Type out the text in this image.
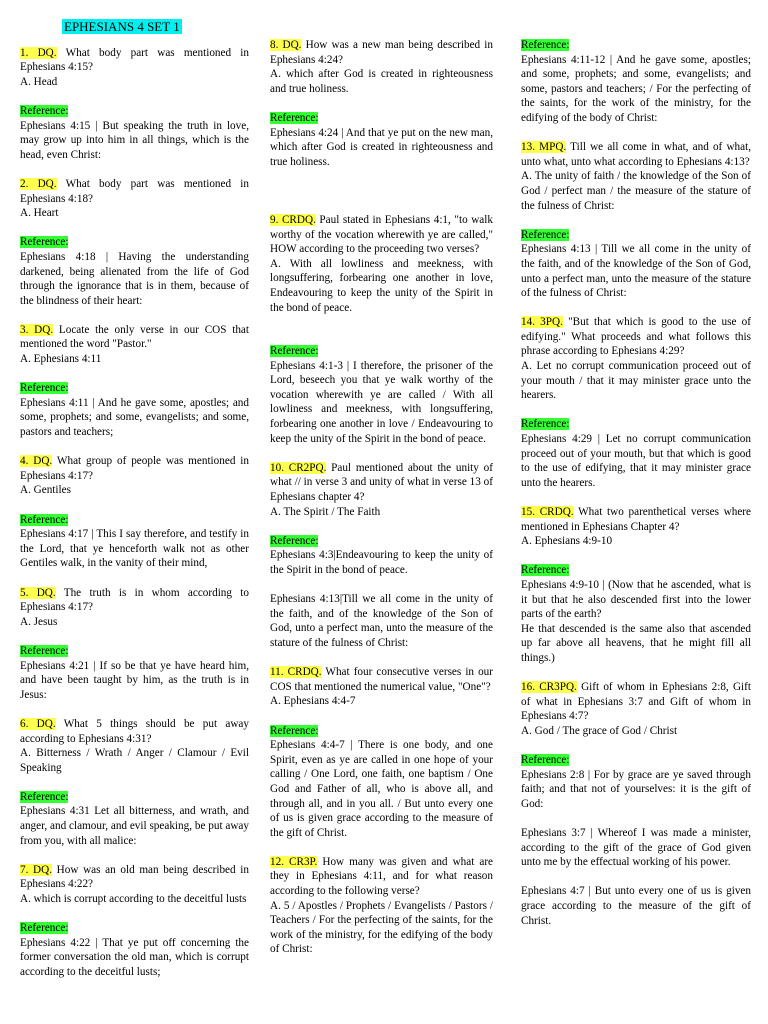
EPHESIANS 4 SET 1

1. DQ. What body part was mentioned in Ephesians 4:15?

A. Head

Reference:

Ephesians 4:15 | But speaking the truth in love, may grow up into him in all things, which is the head, even Christ:

2. DQ. What body part was mentioned in Ephesians 4:18?

A. Heart

Reference:

Ephesians 4:18 | Having the understanding darkened, being alienated from the life of God through the ignorance that is in them, because of the blindness of their heart:

3. DQ. Locate the only verse in our COS that mentioned the word "Pastor."

A. Ephesians 4:11

Reference:

Ephesians 4:11 | And he gave some, apostles; and some, prophets; and some, evangelists; and some, pastors and teachers;

4. DQ. What group of people was mentioned in Ephesians 4:17?

A. Gentiles

Reference:

Ephesians 4:17 | This I say therefore, and testify in the Lord, that ye henceforth walk not as other Gentiles walk, in the vanity of their mind,

5. DQ. The truth is in whom according to Ephesians 4:17?

A. Jesus

Reference:

Ephesians 4:21 | If so be that ye have heard him, and have been taught by him, as the truth is in Jesus:

6. DQ. What 5 things should be put away according to Ephesians 4:31?

A. Bitterness / Wrath / Anger / Clamour / Evil Speaking

Reference:

Ephesians 4:31 Let all bitterness, and wrath, and anger, and clamour, and evil speaking, be put away from you, with all malice:

7. DQ. How was an old man being described in Ephesians 4:22?

A. which is corrupt according to the deceitful lusts

Reference:

Ephesians 4:22 | That ye put off concerning the former conversation the old man, which is corrupt according to the deceitful lusts;

8. DQ. How was a new man being described in Ephesians 4:24?

A. which after God is created in righteousness and true holiness.

Reference:

Ephesians 4:24 | And that ye put on the new man, which after God is created in righteousness and true holiness.

9. CRDQ. Paul stated in Ephesians 4:1, "to walk worthy of the vocation wherewith ye are called," HOW according to the proceeding two verses?

A. With all lowliness and meekness, with longsuffering, forbearing one another in love, Endeavouring to keep the unity of the Spirit in the bond of peace.

Reference:

Ephesians 4:1-3 | I therefore, the prisoner of the Lord, beseech you that ye walk worthy of the vocation wherewith ye are called / With all lowliness and meekness, with longsuffering, forbearing one another in love / Endeavouring to keep the unity of the Spirit in the bond of peace.

10. CR2PQ. Paul mentioned about the unity of what // in verse 3 and unity of what in verse 13 of Ephesians chapter 4?

A. The Spirit / The Faith

Reference:

Ephesians 4:3|Endeavouring to keep the unity of the Spirit in the bond of peace.

Ephesians 4:13|Till we all come in the unity of the faith, and of the knowledge of the Son of God, unto a perfect man, unto the measure of the stature of the fulness of Christ:

11. CRDQ. What four consecutive verses in our COS that mentioned the numerical value, "One"?

A. Ephesians 4:4-7

Reference:

Ephesians 4:4-7 | There is one body, and one Spirit, even as ye are called in one hope of your calling / One Lord, one faith, one baptism / One God and Father of all, who is above all, and through all, and in you all. / But unto every one of us is given grace according to the measure of the gift of Christ.

12. CR3P. How many was given and what are they in Ephesians 4:11, and for what reason according to the following verse?

A. 5 / Apostles / Prophets / Evangelists / Pastors / Teachers / For the perfecting of the saints, for the work of the ministry, for the edifying of the body of Christ:

Reference:

Ephesians 4:11-12 | And he gave some, apostles; and some, prophets; and some, evangelists; and some, pastors and teachers; / For the perfecting of the saints, for the work of the ministry, for the edifying of the body of Christ:

13. MPQ. Till we all come in what, and of what, unto what, unto what according to Ephesians 4:13?

A. The unity of faith / the knowledge of the Son of God / perfect man / the measure of the stature of the fulness of Christ:

Reference:

Ephesians 4:13 | Till we all come in the unity of the faith, and of the knowledge of the Son of God, unto a perfect man, unto the measure of the stature of the fulness of Christ:

14. 3PQ. "But that which is good to the use of edifying." What proceeds and what follows this phrase according to Ephesians 4:29?

A. Let no corrupt communication proceed out of your mouth / that it may minister grace unto the hearers.

Reference:

Ephesians 4:29 | Let no corrupt communication proceed out of your mouth, but that which is good to the use of edifying, that it may minister grace unto the hearers.

15. CRDQ. What two parenthetical verses where mentioned in Ephesians Chapter 4?

A. Ephesians 4:9-10

Reference:

Ephesians 4:9-10 | (Now that he ascended, what is it but that he also descended first into the lower parts of the earth?

He that descended is the same also that ascended up far above all heavens, that he might fill all things.)

16. CR3PQ. Gift of whom in Ephesians 2:8, Gift of what in Ephesians 3:7 and Gift of whom in Ephesians 4:7?

A. God / The grace of God / Christ

Reference:

Ephesians 2:8 | For by grace are ye saved through faith; and that not of yourselves: it is the gift of God:

Ephesians 3:7 | Whereof I was made a minister, according to the gift of the grace of God given unto me by the effectual working of his power.

Ephesians 4:7 | But unto every one of us is given grace according to the measure of the gift of Christ.
